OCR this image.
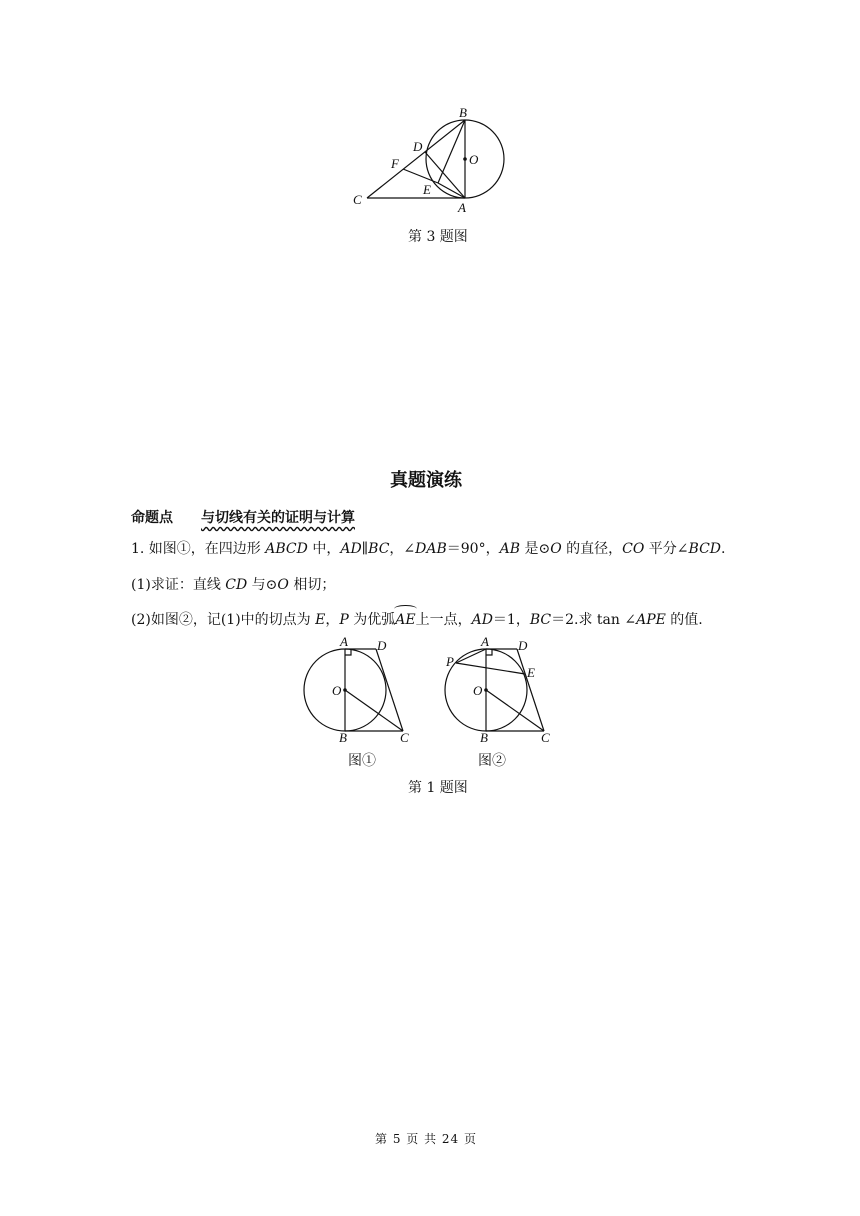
B
D
O
F
E
C
A
第 3 题图
真题演练
命题点 与切线有关的证明与计算
1. 如图①，在四边形 ABCD 中，AD∥BC，∠DAB＝90°，AB 是⊙O 的直径，CO 平分∠BCD.
(1)求证：直线 CD 与⊙O 相切；
(2)如图②，记(1)中的切点为 E，P 为优弧AE上一点，AD＝1，BC＝2.求 tan ∠APE 的值.
A D
O
B	C
图①
A D
P
E
O
B	C
图②
第 1 题图
第 5 页 共 24 页
